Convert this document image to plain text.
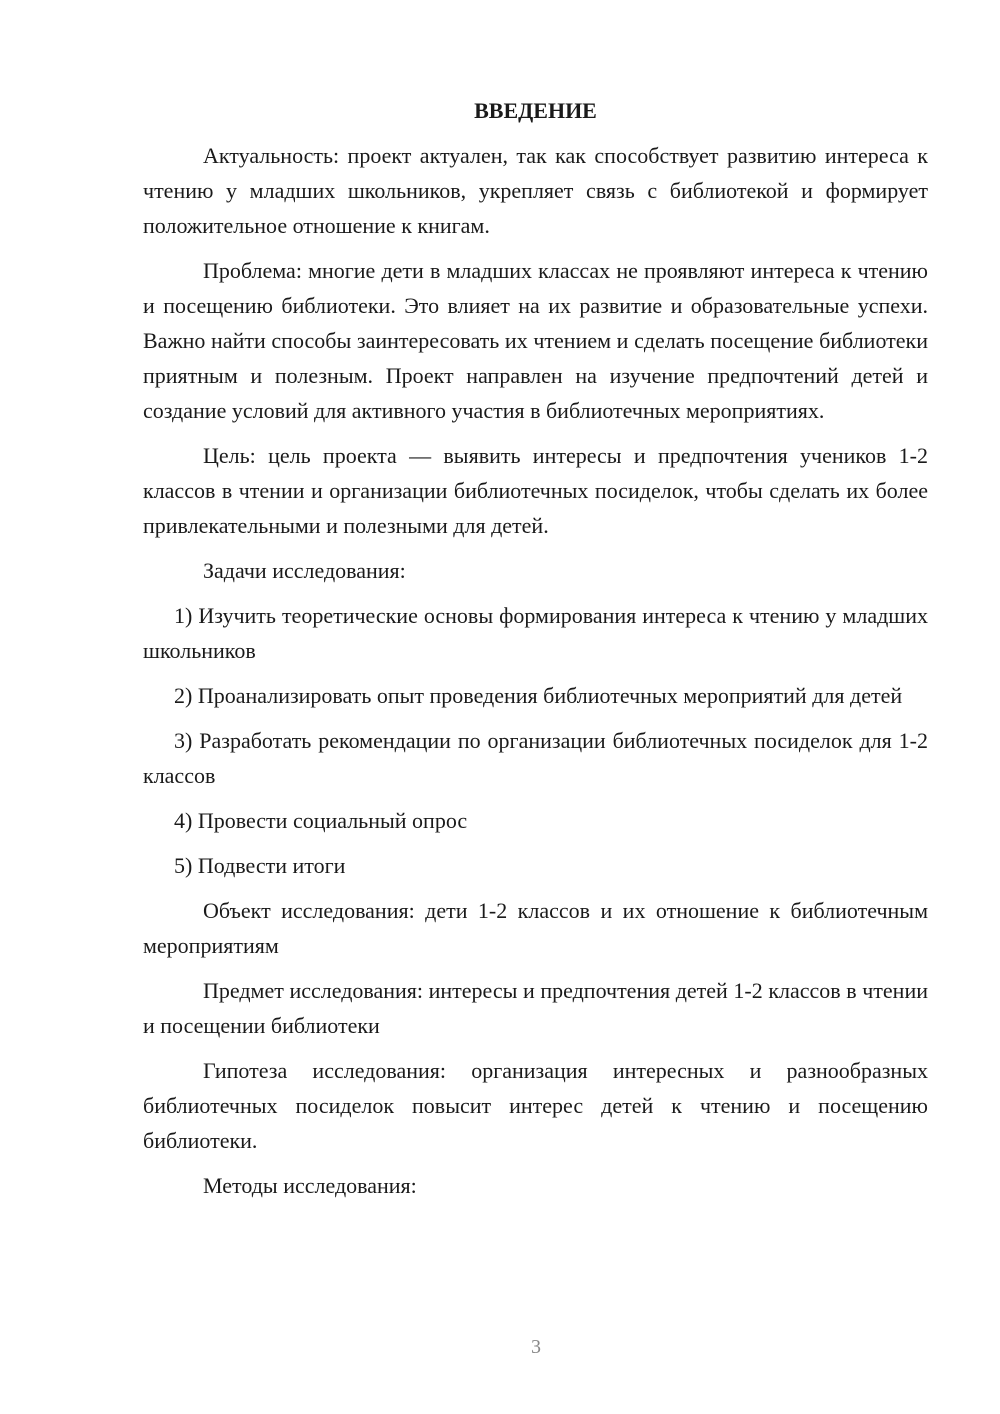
ВВЕДЕНИЕ

Актуальность: проект актуален, так как способствует развитию интереса к чтению у младших школьников, укрепляет связь с библиотекой и формирует положительное отношение к книгам.

Проблема: многие дети в младших классах не проявляют интереса к чтению и посещению библиотеки. Это влияет на их развитие и образовательные успехи. Важно найти способы заинтересовать их чтением и сделать посещение библиотеки приятным и полезным. Проект направлен на изучение предпочтений детей и создание условий для активного участия в библиотечных мероприятиях.

Цель: цель проекта — выявить интересы и предпочтения учеников 1-2 классов в чтении и организации библиотечных посиделок, чтобы сделать их более привлекательными и полезными для детей.

Задачи исследования:

1) Изучить теоретические основы формирования интереса к чтению у младших школьников

2) Проанализировать опыт проведения библиотечных мероприятий для детей

3) Разработать рекомендации по организации библиотечных посиделок для 1-2 классов

4) Провести социальный опрос

5) Подвести итоги

Объект исследования: дети 1-2 классов и их отношение к библиотечным мероприятиям

Предмет исследования: интересы и предпочтения детей 1-2 классов в чтении и посещении библиотеки

Гипотеза исследования: организация интересных и разнообразных библиотечных посиделок повысит интерес детей к чтению и посещению библиотеки.

Методы исследования:

3
